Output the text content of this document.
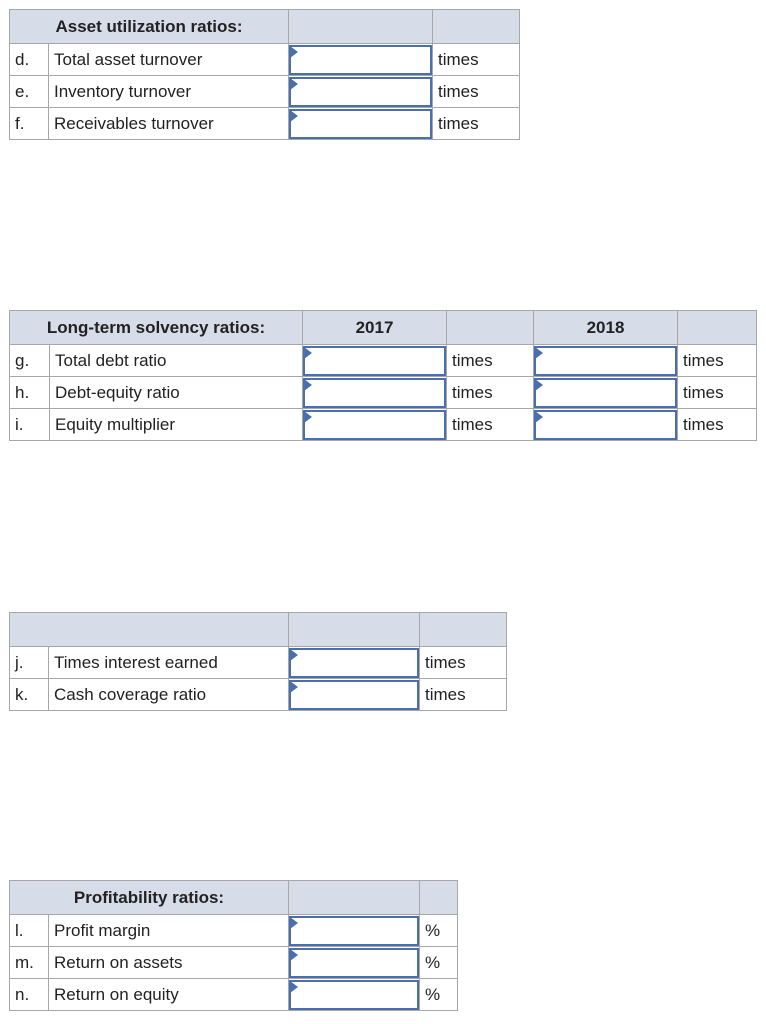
Asset utilization ratios:			
d.	Total asset turnover		times
e.	Inventory turnover		times
f.	Receivables turnover		times
Long-term solvency ratios:		2017		2018	
g.	Total debt ratio		times		times
h.	Debt-equity ratio		times		times
i.	Equity multiplier		times		times

j.	Times interest earned		times
k.	Cash coverage ratio		times
Profitability ratios:			
l.	Profit margin		%
m.	Return on assets		%
n.	Return on equity		%
